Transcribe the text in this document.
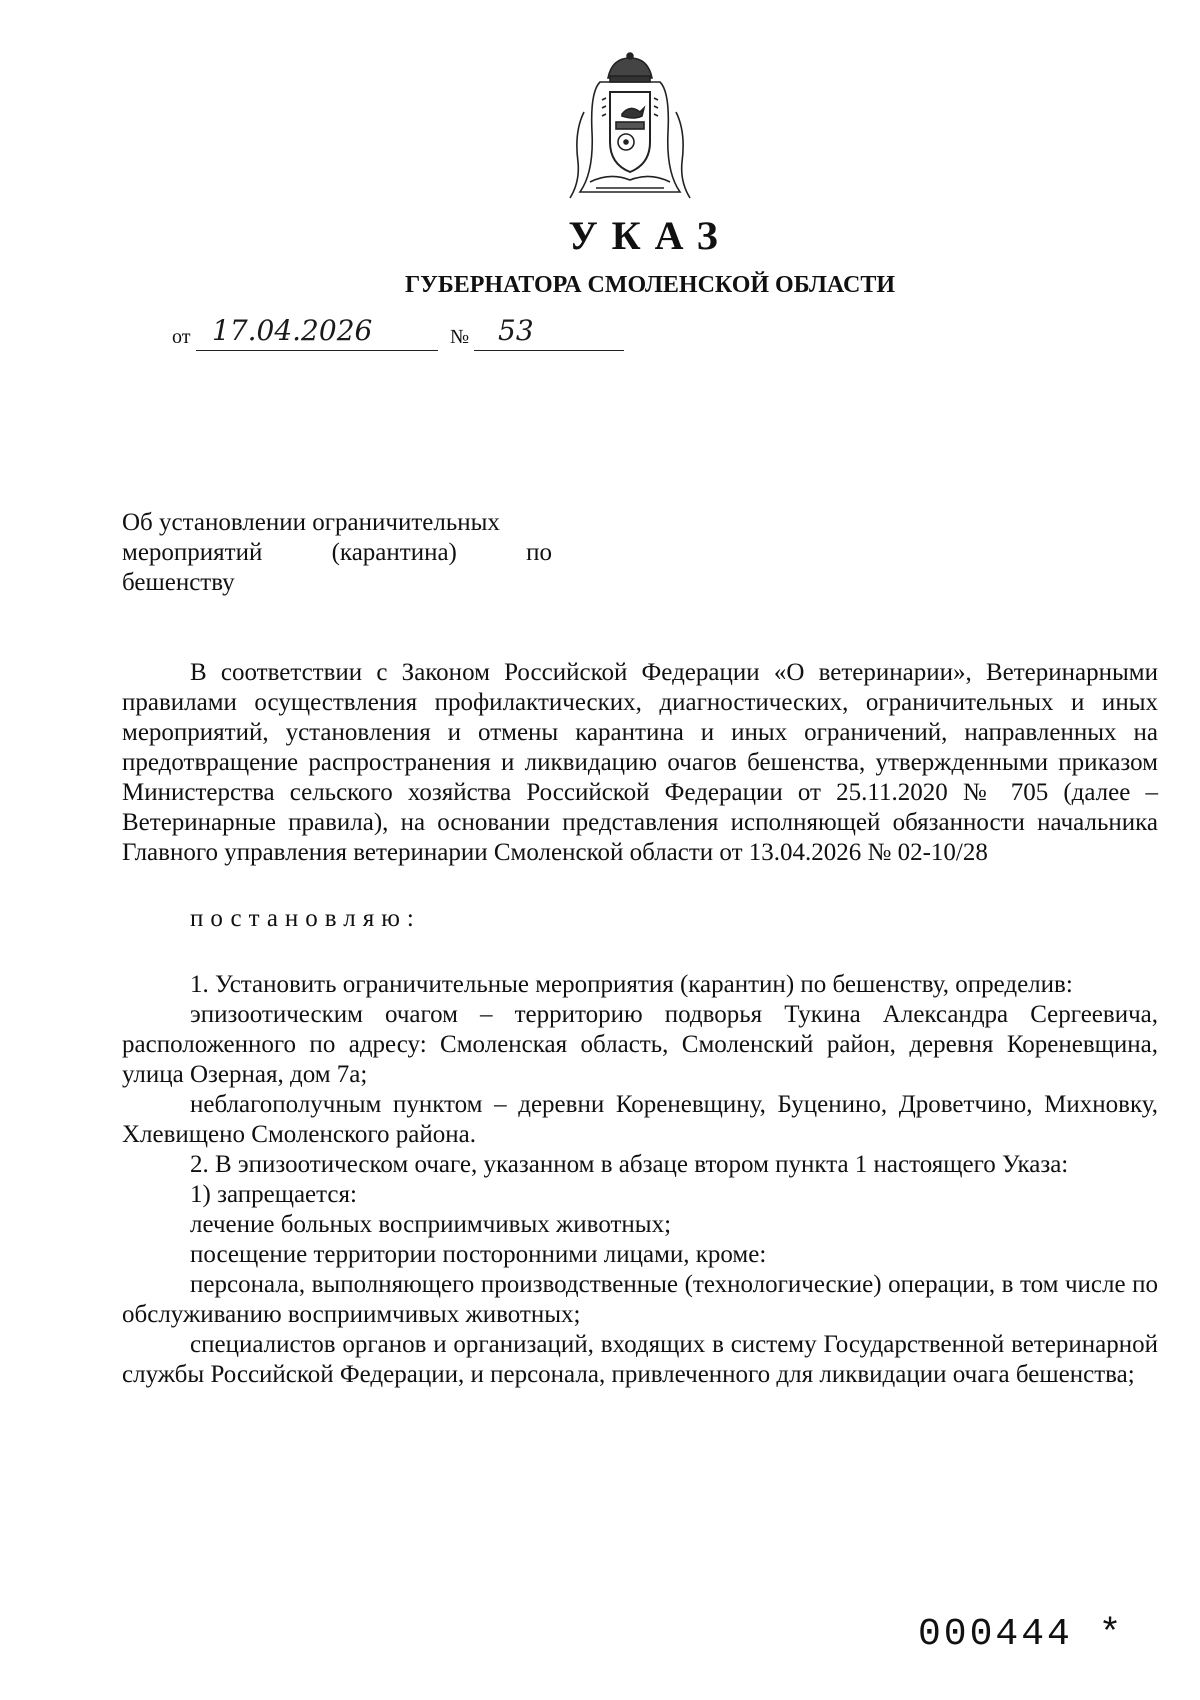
УКАЗ
ГУБЕРНАТОРА СМОЛЕНСКОЙ ОБЛАСТИ
от 17.04.2026	№ 53
Об установлении ограничительных
мероприятий (карантина) по
бешенству

В соответствии с Законом Российской Федерации «О ветеринарии», Ветеринарными правилами осуществления профилактических, диагностических, ограничительных и иных мероприятий, установления и отмены карантина и иных ограничений, направленных на предотвращение распространения и ликвидацию очагов бешенства, утвержденными приказом Министерства сельского хозяйства Российской Федерации от 25.11.2020 № 705 (далее – Ветеринарные правила), на основании представления исполняющей обязанности начальника Главного управления ветеринарии Смоленской области от 13.04.2026 № 02-10/28

постановляю:

1. Установить ограничительные мероприятия (карантин) по бешенству, определив:

эпизоотическим очагом – территорию подворья Тукина Александра Сергеевича, расположенного по адресу: Смоленская область, Смоленский район, деревня Кореневщина, улица Озерная, дом 7а;

неблагополучным пунктом – деревни Кореневщину, Буценино, Дроветчино, Михновку, Хлевищено Смоленского района.

2. В эпизоотическом очаге, указанном в абзаце втором пункта 1 настоящего Указа:

1) запрещается:

лечение больных восприимчивых животных;

посещение территории посторонними лицами, кроме:

персонала, выполняющего производственные (технологические) операции, в том числе по обслуживанию восприимчивых животных;

специалистов органов и организаций, входящих в систему Государственной ветеринарной службы Российской Федерации, и персонала, привлеченного для ликвидации очага бешенства;

000444 *
